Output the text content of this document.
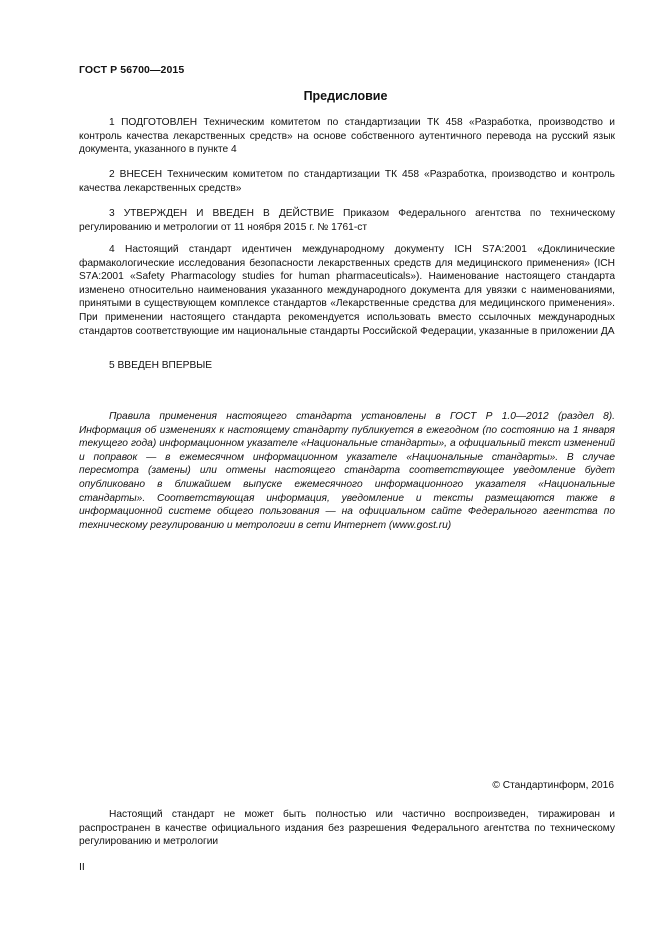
ГОСТ Р 56700—2015
Предисловие

1 ПОДГОТОВЛЕН Техническим комитетом по стандартизации ТК 458 «Разработка, производство и контроль качества лекарственных средств» на основе собственного аутентичного перевода на русский язык документа, указанного в пункте 4

2 ВНЕСЕН Техническим комитетом по стандартизации ТК 458 «Разработка, производство и контроль качества лекарственных средств»

3 УТВЕРЖДЕН И ВВЕДЕН В ДЕЙСТВИЕ Приказом Федерального агентства по техническому регулированию и метрологии от 11 ноября 2015 г. № 1761-ст

4 Настоящий стандарт идентичен международному документу ICH S7A:2001 «Доклинические фармакологические исследования безопасности лекарственных средств для медицинского применения» (ICH S7A:2001 «Safety Pharmacology studies for human pharmaceuticals»). Наименование настоящего стандарта изменено относительно наименования указанного международного документа для увязки с наименованиями, принятыми в существующем комплексе стандартов «Лекарственные средства для медицинского применения». При применении настоящего стандарта рекомендуется использовать вместо ссылочных международных стандартов соответствующие им национальные стандарты Российской Федерации, указанные в приложении ДА

5 ВВЕДЕН ВПЕРВЫЕ

Правила применения настоящего стандарта установлены в ГОСТ Р 1.0—2012 (раздел 8). Информация об изменениях к настоящему стандарту публикуется в ежегодном (по состоянию на 1 января текущего года) информационном указателе «Национальные стандарты», а официальный текст изменений и поправок — в ежемесячном информационном указателе «Национальные стандарты». В случае пересмотра (замены) или отмены настоящего стандарта соответствующее уведомление будет опубликовано в ближайшем выпуске ежемесячного информационного указателя «Национальные стандарты». Соответствующая информация, уведомление и тексты размещаются также в информационной системе общего пользования — на официальном сайте Федерального агентства по техническому регулированию и метрологии в сети Интернет (www.gost.ru)

© Стандартинформ, 2016

Настоящий стандарт не может быть полностью или частично воспроизведен, тиражирован и распространен в качестве официального издания без разрешения Федерального агентства по техническому регулированию и метрологии

II
